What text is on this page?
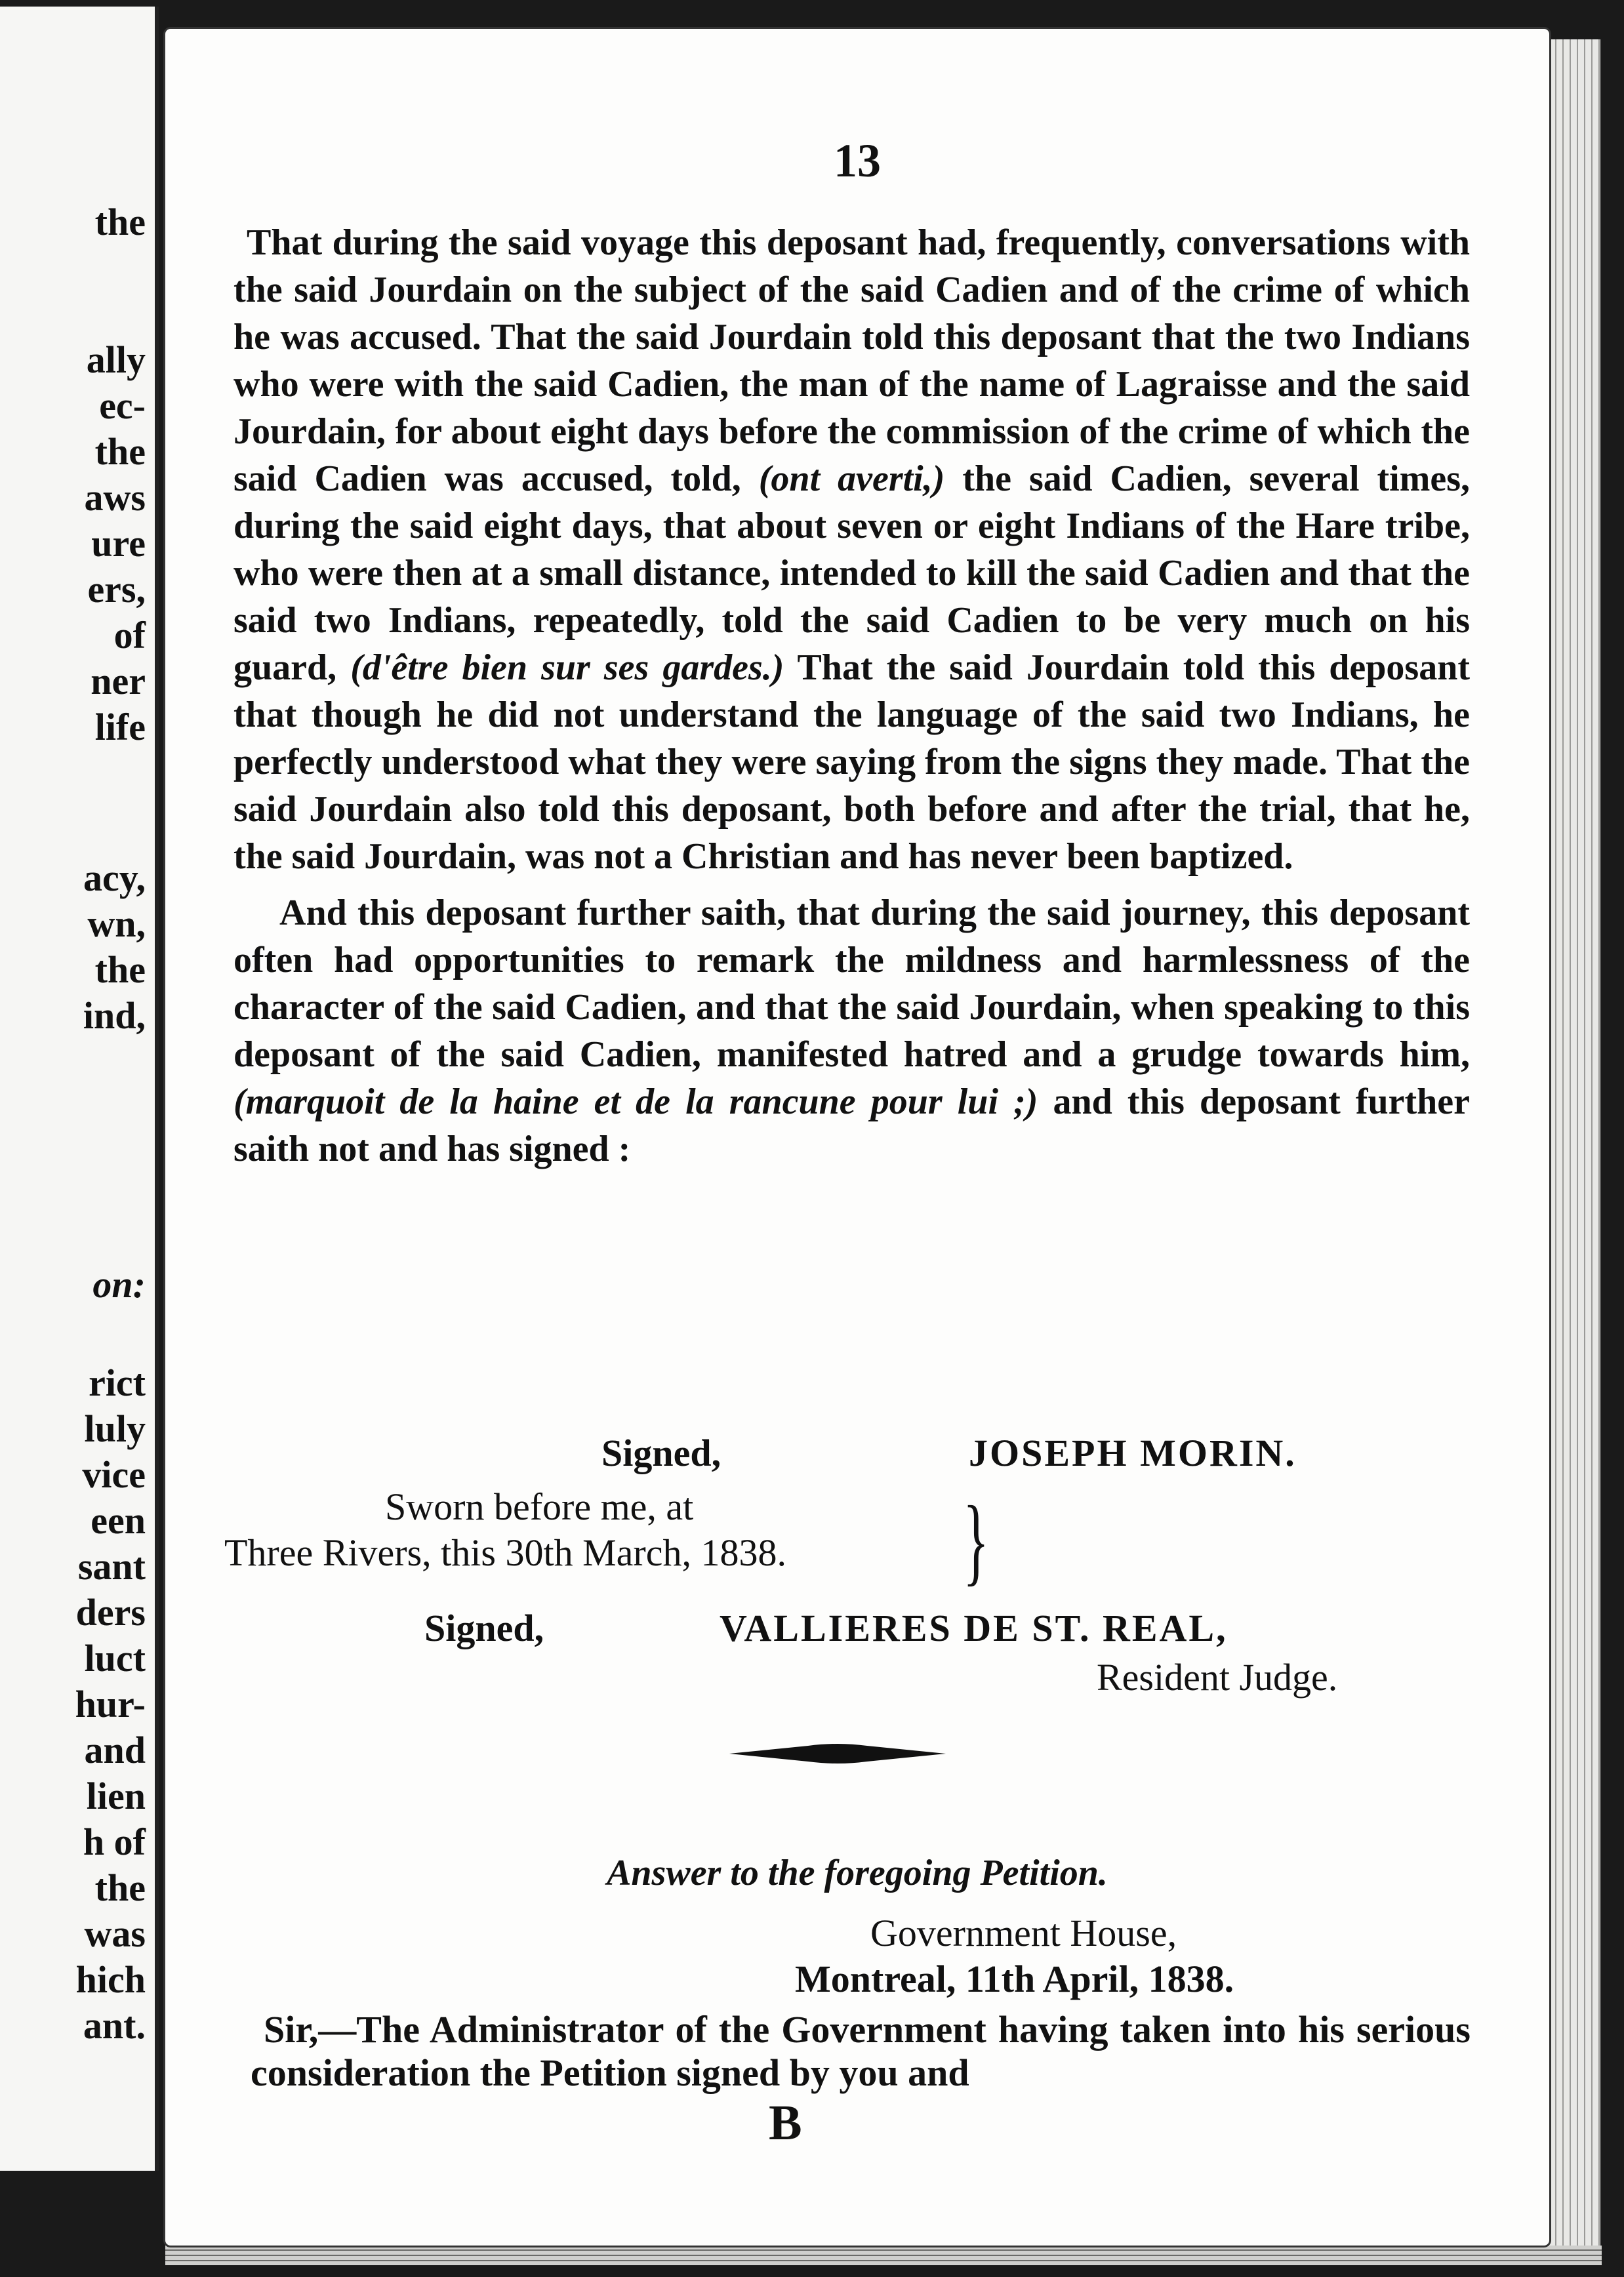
the
ally
ec-
the
aws
ure
ers,
of
ner
life
acy,
wn,
the
ind,
on:
rict
luly
vice
een
sant
ders
luct
hur-
and
lien
h of
the
was
hich
ant.
13

That during the said voyage this deposant had, frequently, conversations with the said Jourdain on the subject of the said Cadien and of the crime of which he was accused. That the said Jourdain told this deposant that the two Indians who were with the said Cadien, the man of the name of Lagraisse and the said Jourdain, for about eight days before the commission of the crime of which the said Cadien was accused, told, (ont averti,) the said Cadien, several times, during the said eight days, that about seven or eight Indians of the Hare tribe, who were then at a small distance, intended to kill the said Cadien and that the said two Indians, repeatedly, told the said Cadien to be very much on his guard, (d'être bien sur ses gardes.) That the said Jourdain told this deposant that though he did not understand the language of the said two Indians, he perfectly understood what they were saying from the signs they made. That the said Jourdain also told this deposant, both before and after the trial, that he, the said Jourdain, was not a Christian and has never been baptized.

And this deposant further saith, that during the said journey, this deposant often had opportunities to remark the mildness and harmlessness of the character of the said Cadien, and that the said Jourdain, when speaking to this deposant of the said Cadien, manifested hatred and a grudge towards him, (marquoit de la haine et de la rancune pour lui ;) and this deposant further saith not and has signed :

Signed,	JOSEPH MORIN.
Sworn before me, at
Three Rivers, this 30th March, 1838. }
Signed,	VALLIERES DE ST. REAL,
Resident Judge.
Answer to the foregoing Petition.
Government House,
Montreal, 11th April, 1838.
Sir,—The Administrator of the Government having taken into his serious consideration the Petition signed by you and
B
